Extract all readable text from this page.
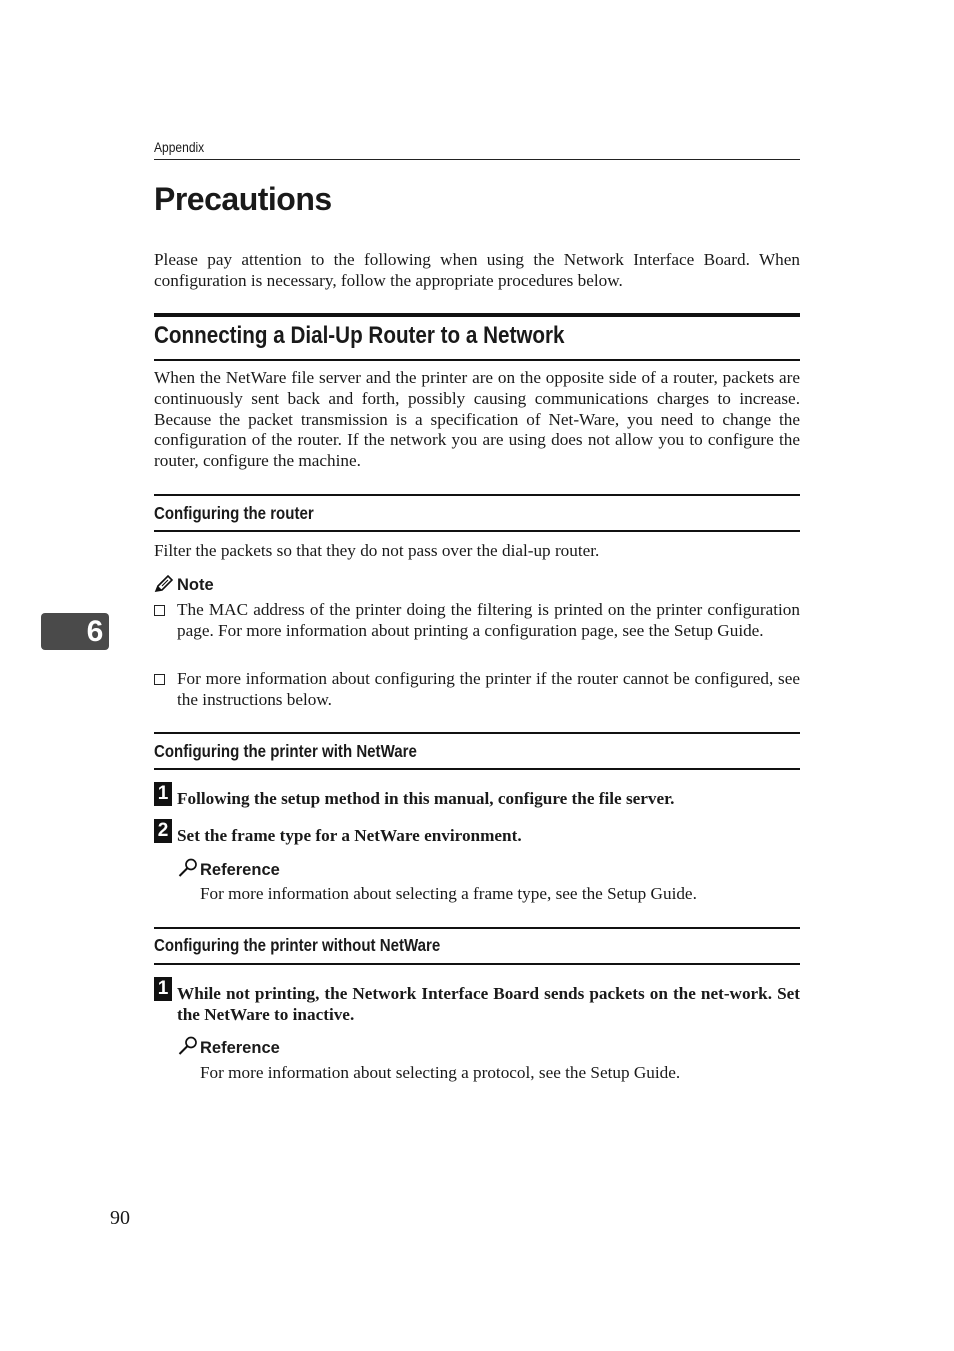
Appendix
Precautions
Please pay attention to the following when using the Network Interface Board. When configuration is necessary, follow the appropriate procedures below.
Connecting a Dial-Up Router to a Network
When the NetWare file server and the printer are on the opposite side of a router, packets are continuously sent back and forth, possibly causing communications charges to increase. Because the packet transmission is a specification of Net-Ware, you need to change the configuration of the router. If the network you are using does not allow you to configure the router, configure the machine.
Configuring the router
Filter the packets so that they do not pass over the dial-up router.
Note
The MAC address of the printer doing the filtering is printed on the printer configuration page. For more information about printing a configuration page, see the Setup Guide.
For more information about configuring the printer if the router cannot be configured, see the instructions below.
Configuring the printer with NetWare
1 Following the setup method in this manual, configure the file server.
2 Set the frame type for a NetWare environment.
Reference
For more information about selecting a frame type, see the Setup Guide.
Configuring the printer without NetWare
1 While not printing, the Network Interface Board sends packets on the net-work. Set the NetWare to inactive.
Reference
For more information about selecting a protocol, see the Setup Guide.
6
90
